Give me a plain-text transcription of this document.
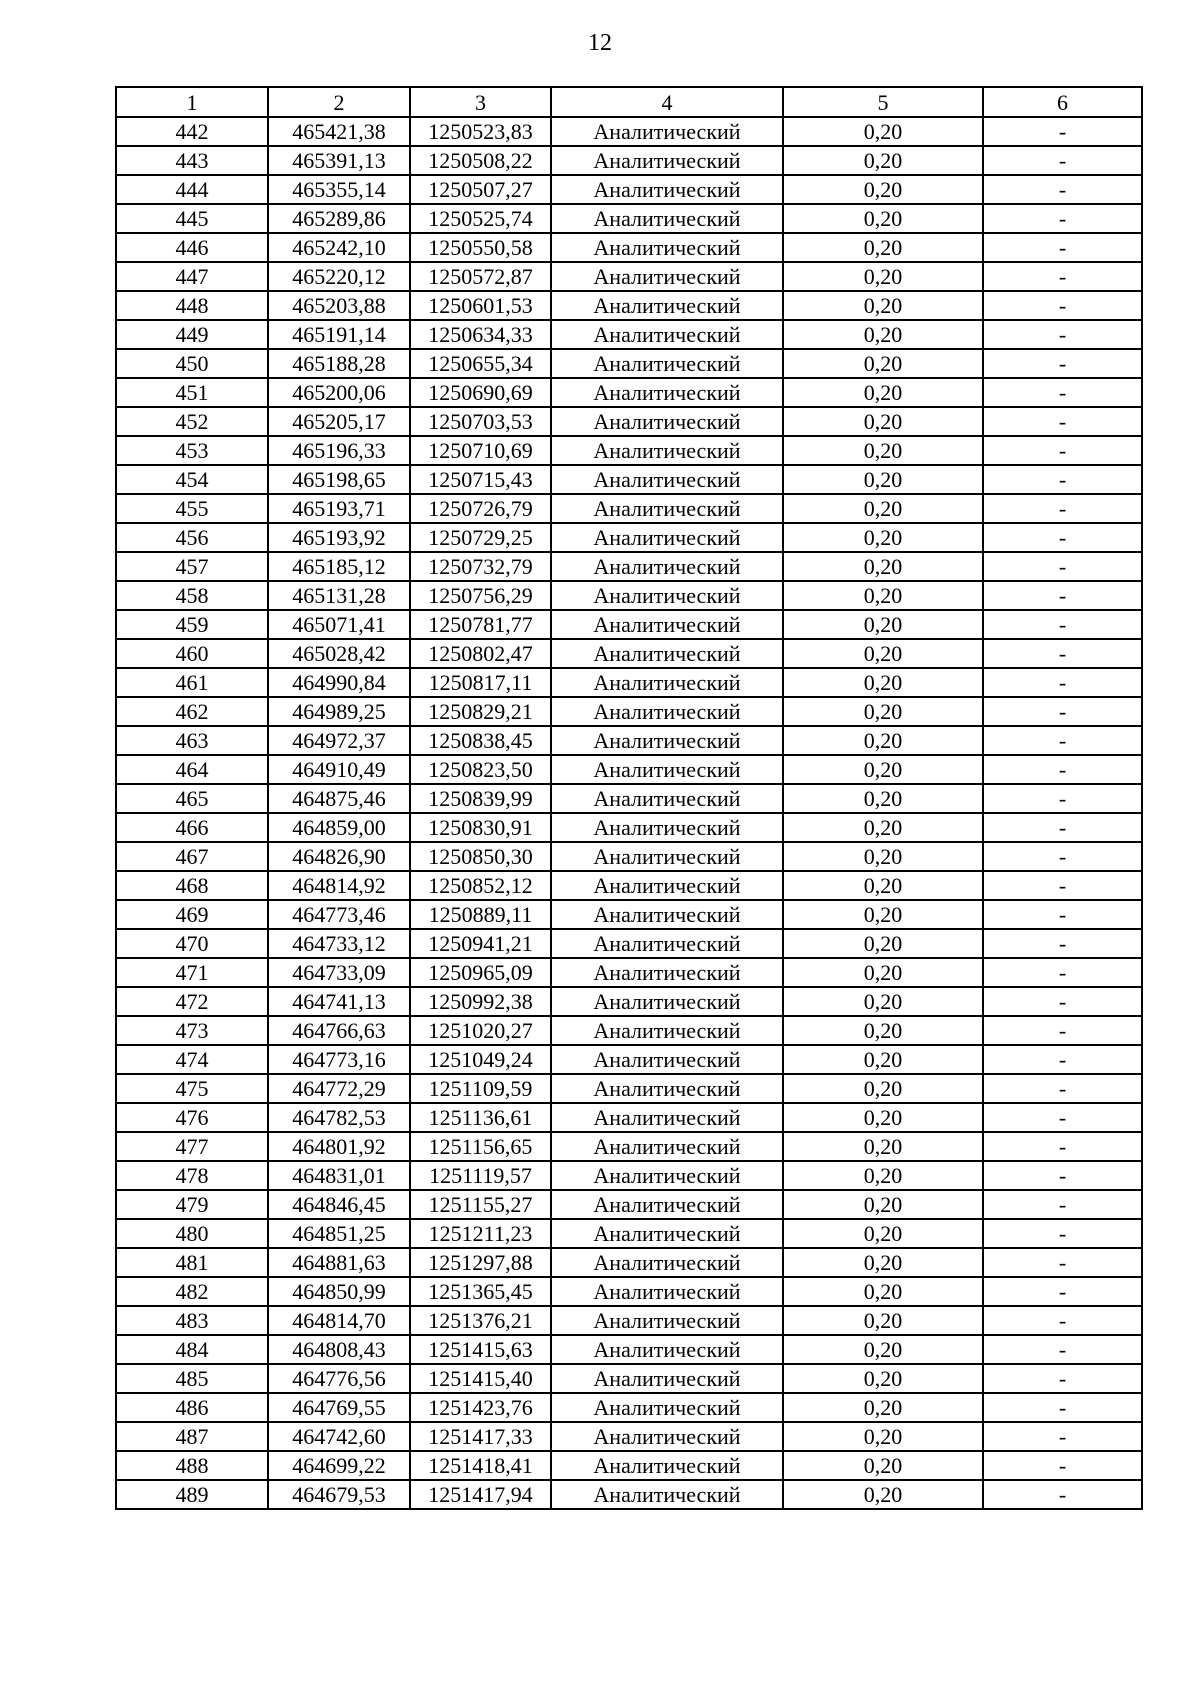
12
1	2	3	4	5	6
442	465421,38	1250523,83	Аналитический	0,20	-
443	465391,13	1250508,22	Аналитический	0,20	-
444	465355,14	1250507,27	Аналитический	0,20	-
445	465289,86	1250525,74	Аналитический	0,20	-
446	465242,10	1250550,58	Аналитический	0,20	-
447	465220,12	1250572,87	Аналитический	0,20	-
448	465203,88	1250601,53	Аналитический	0,20	-
449	465191,14	1250634,33	Аналитический	0,20	-
450	465188,28	1250655,34	Аналитический	0,20	-
451	465200,06	1250690,69	Аналитический	0,20	-
452	465205,17	1250703,53	Аналитический	0,20	-
453	465196,33	1250710,69	Аналитический	0,20	-
454	465198,65	1250715,43	Аналитический	0,20	-
455	465193,71	1250726,79	Аналитический	0,20	-
456	465193,92	1250729,25	Аналитический	0,20	-
457	465185,12	1250732,79	Аналитический	0,20	-
458	465131,28	1250756,29	Аналитический	0,20	-
459	465071,41	1250781,77	Аналитический	0,20	-
460	465028,42	1250802,47	Аналитический	0,20	-
461	464990,84	1250817,11	Аналитический	0,20	-
462	464989,25	1250829,21	Аналитический	0,20	-
463	464972,37	1250838,45	Аналитический	0,20	-
464	464910,49	1250823,50	Аналитический	0,20	-
465	464875,46	1250839,99	Аналитический	0,20	-
466	464859,00	1250830,91	Аналитический	0,20	-
467	464826,90	1250850,30	Аналитический	0,20	-
468	464814,92	1250852,12	Аналитический	0,20	-
469	464773,46	1250889,11	Аналитический	0,20	-
470	464733,12	1250941,21	Аналитический	0,20	-
471	464733,09	1250965,09	Аналитический	0,20	-
472	464741,13	1250992,38	Аналитический	0,20	-
473	464766,63	1251020,27	Аналитический	0,20	-
474	464773,16	1251049,24	Аналитический	0,20	-
475	464772,29	1251109,59	Аналитический	0,20	-
476	464782,53	1251136,61	Аналитический	0,20	-
477	464801,92	1251156,65	Аналитический	0,20	-
478	464831,01	1251119,57	Аналитический	0,20	-
479	464846,45	1251155,27	Аналитический	0,20	-
480	464851,25	1251211,23	Аналитический	0,20	-
481	464881,63	1251297,88	Аналитический	0,20	-
482	464850,99	1251365,45	Аналитический	0,20	-
483	464814,70	1251376,21	Аналитический	0,20	-
484	464808,43	1251415,63	Аналитический	0,20	-
485	464776,56	1251415,40	Аналитический	0,20	-
486	464769,55	1251423,76	Аналитический	0,20	-
487	464742,60	1251417,33	Аналитический	0,20	-
488	464699,22	1251418,41	Аналитический	0,20	-
489	464679,53	1251417,94	Аналитический	0,20	-
